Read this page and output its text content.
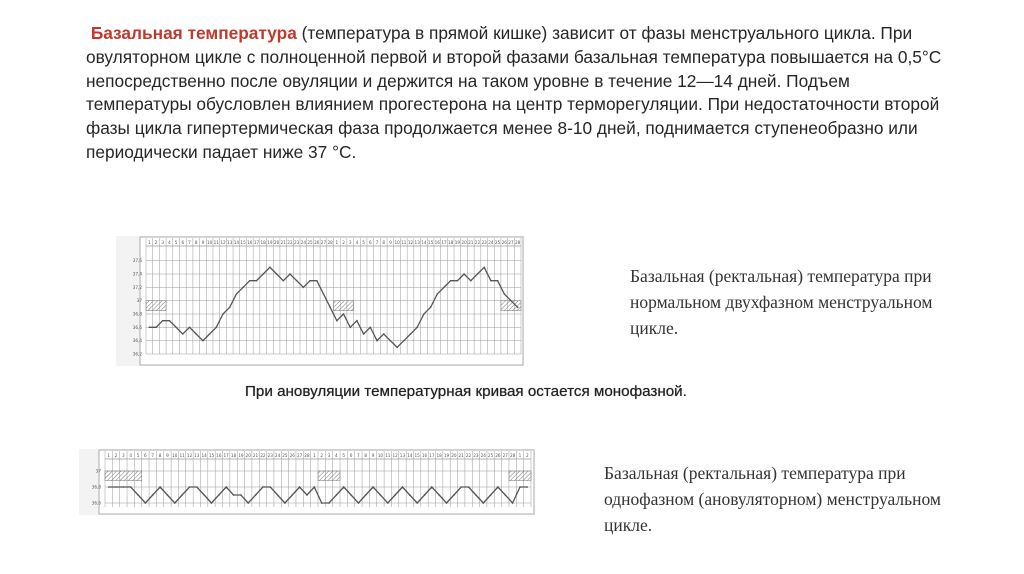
Базальная температура (температура в прямой кишке) зависит от фазы менструального цикла. При овуляторном цикле с полноценной первой и второй фазами базальная температура повышается на 0,5°С непосредственно после овуляции и держится на таком уровне в течение 12—14 дней. Подъем температуры обусловлен влиянием прогестерона на центр терморегуляции. При недостаточности второй фазы цикла гипертермическая фаза продолжается менее 8-10 дней, поднимается ступенеобразно или периодически падает ниже 37 °С.
1 2 3 4 5 6 7 8 9 10 11 12 13 14 15 16 17 18 19 20 21 22 23 24 25 26 27 28 1 2 3 4 5 6 7 8 9 10 11 12 13 14 15 16 17 18 19 20 21 22 23 24 25 26 27 28
37,6
37,4
37,2
37
36,8
36,6
36,4
36,2
Базальная (ректальная) температура при нормальном двухфазном менструальном цикле.
При ановуляции температурная кривая остается монофазной.
1 2 3 4 5 6 7 8 9 10 11 12 13 14 15 16 17 18 19 20 21 22 23 24 25 26 27 28 1 2 3 4 5 6 7 8 9 10 11 12 13 14 15 16 17 18 19 20 21 22 23 24 25 26 27 28 1 2
37
36,8
36,6
Базальная (ректальная) температура при однофазном (ановуляторном) менструальном цикле.
